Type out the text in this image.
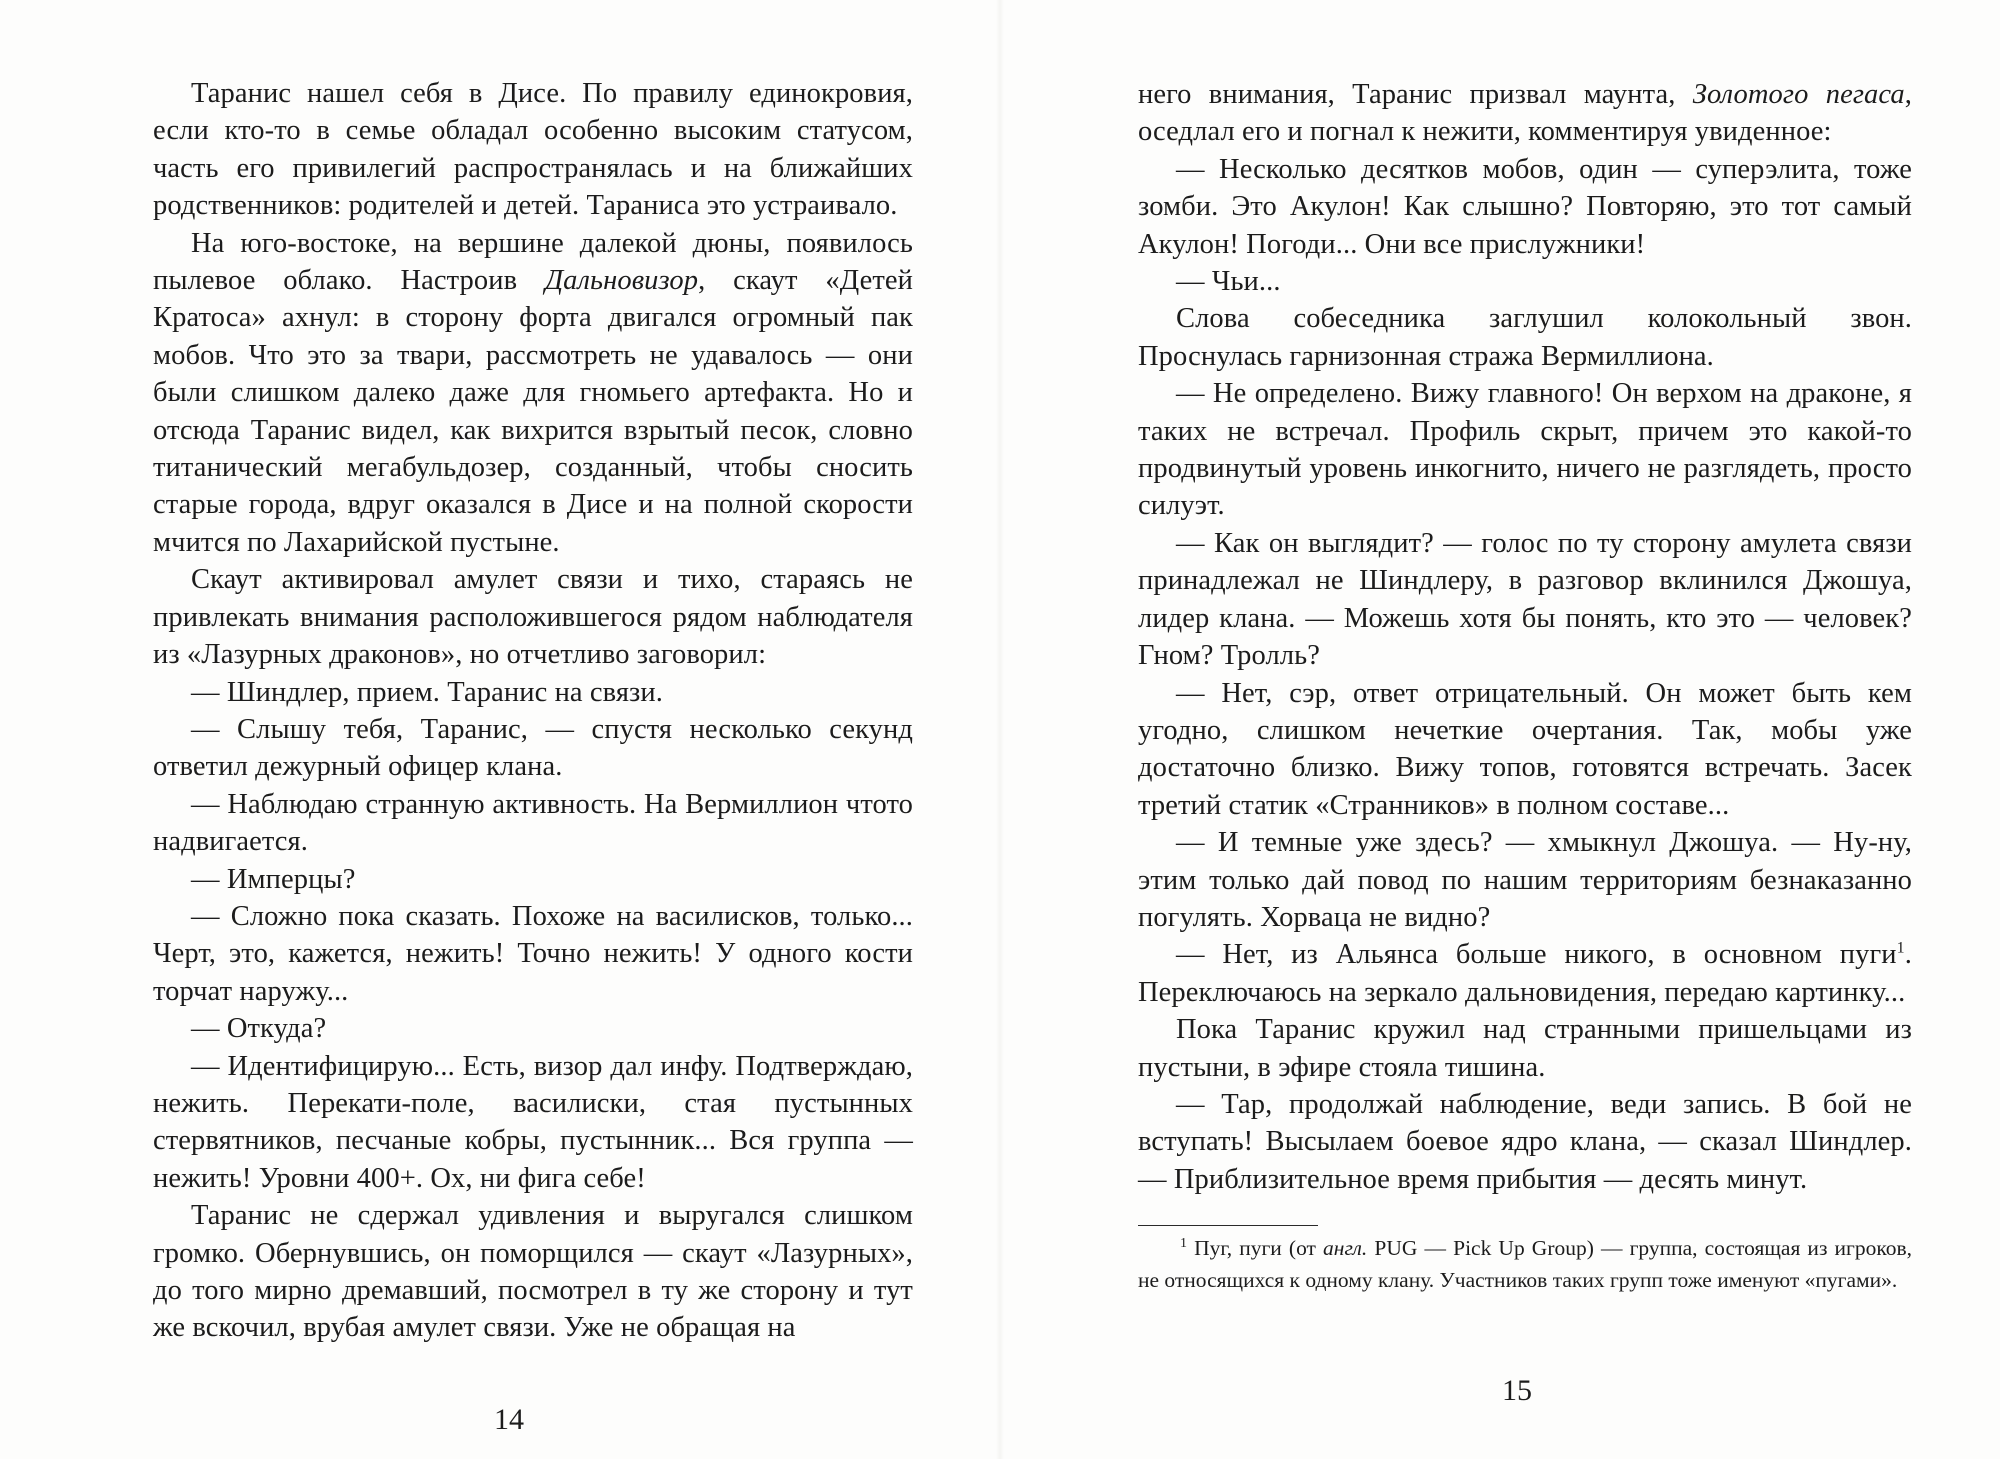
Таранис нашел себя в Дисе. По правилу единокровия, если кто-то в семье обладал особенно высоким статусом, часть его привилегий распространялась и на ближайших родственников: родителей и детей. Тараниса это устраивало.

На юго-востоке, на вершине далекой дюны, появилось пылевое облако. Настроив Дальновизор, скаут «Детей Кратоса» ахнул: в сторону форта двигался огромный пак мобов. Что это за твари, рассмотреть не удавалось — они были слишком далеко даже для гномьего артефакта. Но и отсюда Таранис видел, как вихрится взрытый песок, словно титанический мегабульдозер, созданный, чтобы сносить старые города, вдруг оказался в Дисе и на полной скорости мчится по Лахарийской пустыне.

Скаут активировал амулет связи и тихо, стараясь не привлекать внимания расположившегося рядом наблюдателя из «Лазурных драконов», но отчетливо заговорил:

— Шиндлер, прием. Таранис на связи.

— Слышу тебя, Таранис, — спустя несколько секунд ответил дежурный офицер клана.

— Наблюдаю странную активность. На Вермиллион чтото надвигается.

— Имперцы?

— Сложно пока сказать. Похоже на василисков, только... Черт, это, кажется, нежить! Точно нежить! У одного кости торчат наружу...

— Откуда?

— Идентифицирую... Есть, визор дал инфу. Подтверждаю, нежить. Перекати-поле, василиски, стая пустынных стервятников, песчаные кобры, пустынник... Вся группа — нежить! Уровни 400+. Ох, ни фига себе!

Таранис не сдержал удивления и выругался слишком громко. Обернувшись, он поморщился — скаут «Лазурных», до того мирно дремавший, посмотрел в ту же сторону и тут же вскочил, врубая амулет связи. Уже не обращая на

14

него внимания, Таранис призвал маунта, Золотого пегаса, оседлал его и погнал к нежити, комментируя увиденное:

— Несколько десятков мобов, один — суперэлита, тоже зомби. Это Акулон! Как слышно? Повторяю, это тот самый Акулон! Погоди... Они все прислужники!

— Чьи...

Слова собеседника заглушил колокольный звон. Проснулась гарнизонная стража Вермиллиона.

— Не определено. Вижу главного! Он верхом на драконе, я таких не встречал. Профиль скрыт, причем это какой-то продвинутый уровень инкогнито, ничего не разглядеть, просто силуэт.

— Как он выглядит? — голос по ту сторону амулета связи принадлежал не Шиндлеру, в разговор вклинился Джошуа, лидер клана. — Можешь хотя бы понять, кто это — человек? Гном? Тролль?

— Нет, сэр, ответ отрицательный. Он может быть кем угодно, слишком нечеткие очертания. Так, мобы уже достаточно близко. Вижу топов, готовятся встречать. Засек третий статик «Странников» в полном составе...

— И темные уже здесь? — хмыкнул Джошуа. — Ну-ну, этим только дай повод по нашим территориям безнаказанно погулять. Хорваца не видно?

— Нет, из Альянса больше никого, в основном пуги$^1$. Переключаюсь на зеркало дальновидения, передаю картинку...

Пока Таранис кружил над странными пришельцами из пустыни, в эфире стояла тишина.

— Тар, продолжай наблюдение, веди запись. В бой не вступать! Высылаем боевое ядро клана, — сказал Шиндлер. — Приблизительное время прибытия — десять минут.

$^1$ Пуг, пуги (от англ. PUG — Pick Up Group) — группа, состоящая из игроков, не относящихся к одному клану. Участников таких групп тоже именуют «пугами».

15
